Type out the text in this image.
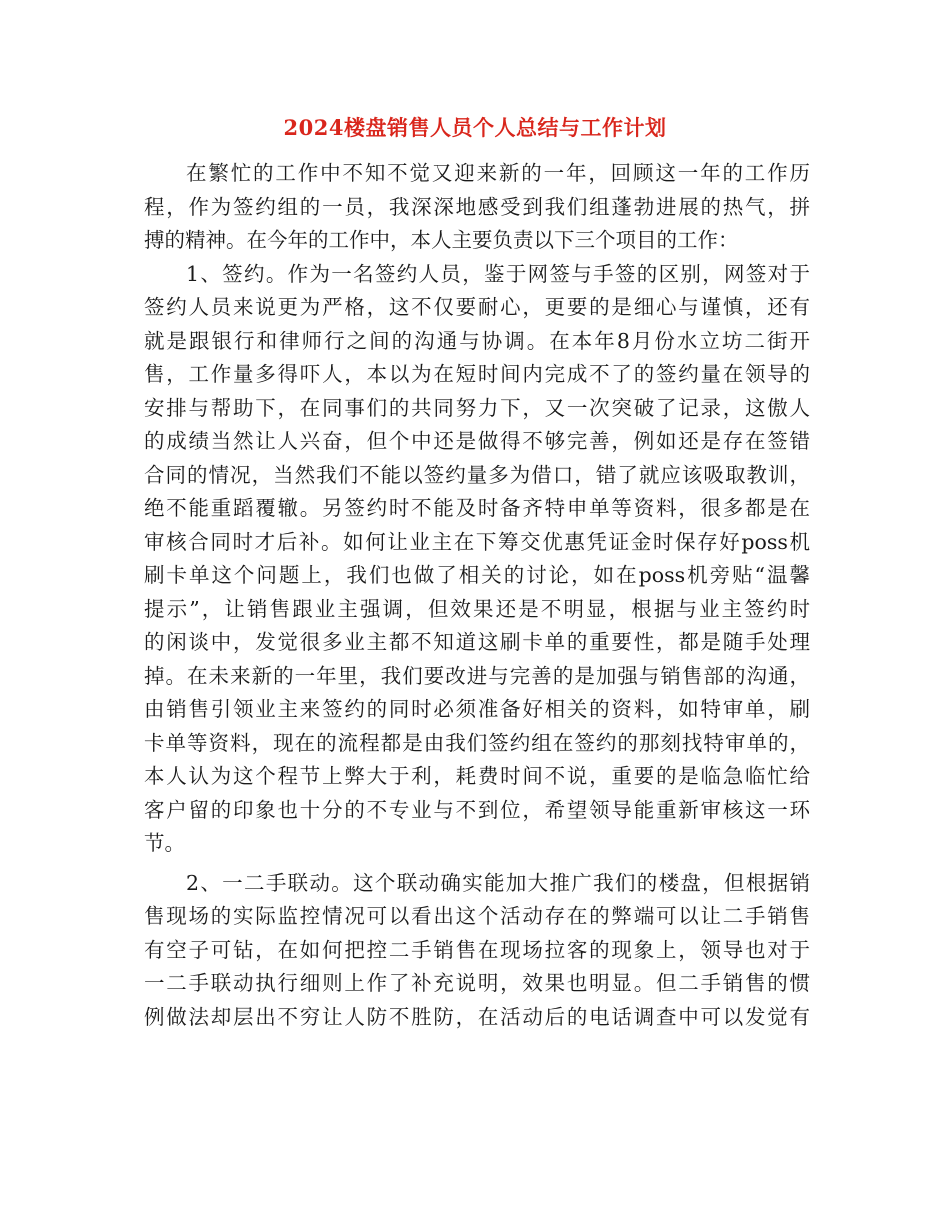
2024楼盘销售人员个人总结与工作计划
在繁忙的工作中不知不觉又迎来新的一年，回顾这一年的工作历
程，作为签约组的一员，我深深地感受到我们组蓬勃进展的热气，拼
搏的精神。在今年的工作中，本人主要负责以下三个项目的工作：
1、签约。作为一名签约人员，鉴于网签与手签的区别，网签对于
签约人员来说更为严格，这不仅要耐心，更要的是细心与谨慎，还有
就是跟银行和律师行之间的沟通与协调。在本年8月份水立坊二街开
售，工作量多得吓人，本以为在短时间内完成不了的签约量在领导的
安排与帮助下，在同事们的共同努力下，又一次突破了记录，这傲人
的成绩当然让人兴奋，但个中还是做得不够完善，例如还是存在签错
合同的情况，当然我们不能以签约量多为借口，错了就应该吸取教训，
绝不能重蹈覆辙。另签约时不能及时备齐特申单等资料，很多都是在
审核合同时才后补。如何让业主在下筹交优惠凭证金时保存好poss机
刷卡单这个问题上，我们也做了相关的讨论，如在poss机旁贴“温馨
提示”，让销售跟业主强调，但效果还是不明显，根据与业主签约时
的闲谈中，发觉很多业主都不知道这刷卡单的重要性，都是随手处理
掉。在未来新的一年里，我们要改进与完善的是加强与销售部的沟通，
由销售引领业主来签约的同时必须准备好相关的资料，如特审单，刷
卡单等资料，现在的流程都是由我们签约组在签约的那刻找特审单的，
本人认为这个程节上弊大于利，耗费时间不说，重要的是临急临忙给
客户留的印象也十分的不专业与不到位，希望领导能重新审核这一环
节。
2、一二手联动。这个联动确实能加大推广我们的楼盘，但根据销
售现场的实际监控情况可以看出这个活动存在的弊端可以让二手销售
有空子可钻，在如何把控二手销售在现场拉客的现象上，领导也对于
一二手联动执行细则上作了补充说明，效果也明显。但二手销售的惯
例做法却层出不穷让人防不胜防，在活动后的电话调查中可以发觉有
